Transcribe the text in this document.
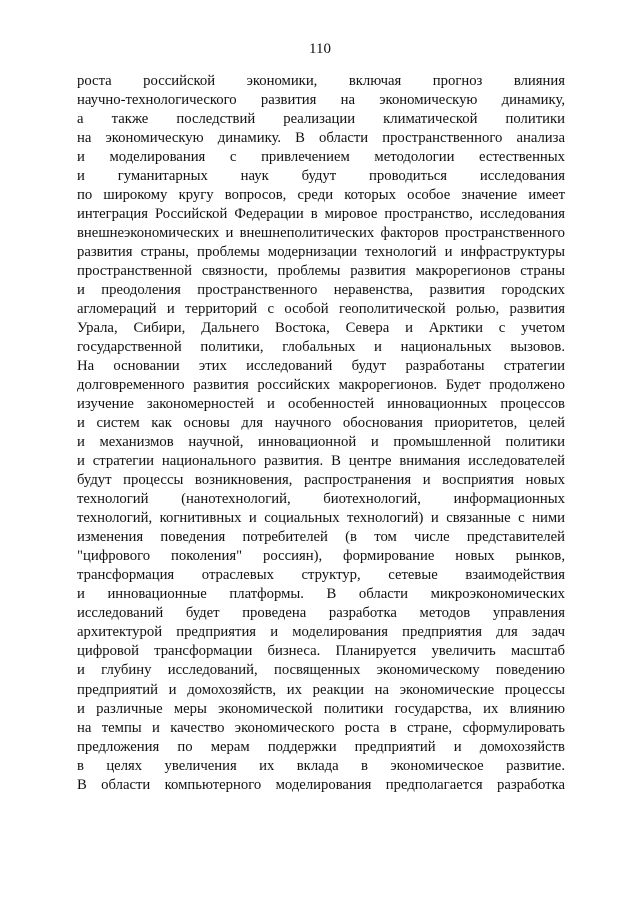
110
роста российской экономики, включая прогноз влияния
научно-технологического развития на экономическую динамику,
а также последствий реализации климатической политики
на экономическую динамику. В области пространственного анализа
и моделирования с привлечением методологии естественных
и гуманитарных наук будут проводиться исследования
по широкому кругу вопросов, среди которых особое значение имеет
интеграция Российской Федерации в мировое пространство, исследования
внешнеэкономических и внешнеполитических факторов пространственного
развития страны, проблемы модернизации технологий и инфраструктуры
пространственной связности, проблемы развития макрорегионов страны
и преодоления пространственного неравенства, развития городских
агломераций и территорий с особой геополитической ролью, развития
Урала, Сибири, Дальнего Востока, Севера и Арктики с учетом
государственной политики, глобальных и национальных вызовов.
На основании этих исследований будут разработаны стратегии
долговременного развития российских макрорегионов. Будет продолжено
изучение закономерностей и особенностей инновационных процессов
и систем как основы для научного обоснования приоритетов, целей
и механизмов научной, инновационной и промышленной политики
и стратегии национального развития. В центре внимания исследователей
будут процессы возникновения, распространения и восприятия новых
технологий (нанотехнологий, биотехнологий, информационных
технологий, когнитивных и социальных технологий) и связанные с ними
изменения поведения потребителей (в том числе представителей
"цифрового поколения" россиян), формирование новых рынков,
трансформация отраслевых структур, сетевые взаимодействия
и инновационные платформы. В области микроэкономических
исследований будет проведена разработка методов управления
архитектурой предприятия и моделирования предприятия для задач
цифровой трансформации бизнеса. Планируется увеличить масштаб
и глубину исследований, посвященных экономическому поведению
предприятий и домохозяйств, их реакции на экономические процессы
и различные меры экономической политики государства, их влиянию
на темпы и качество экономического роста в стране, сформулировать
предложения по мерам поддержки предприятий и домохозяйств
в целях увеличения их вклада в экономическое развитие.
В области компьютерного моделирования предполагается разработка
